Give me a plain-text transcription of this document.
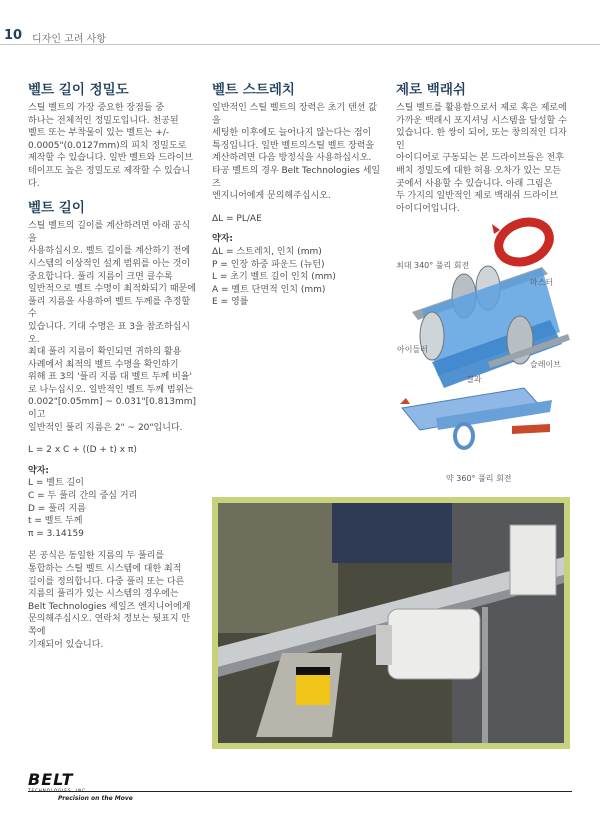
10 디자인 고려 사항
벨트 길이 정밀도

스틸 벨트의 가장 중요한 장점들 중
하나는 전체적인 정밀도입니다. 천공된
벨트 또는 부착물이 있는 벨트는 +/-
0.0005"(0.0127mm)의 피치 정밀도로
제작할 수 있습니다. 일반 벨트와 드라이브
테이프도 높은 정밀도로 제작할 수 있습니다.

벨트 길이

스틸 벨트의 길이를 계산하려면 아래 공식을
사용하십시오. 벨트 길이를 계산하기 전에
시스템의 이상적인 설계 범위를 아는 것이
중요합니다. 풀리 지름이 크면 클수록
일반적으로 벨트 수명이 최적화되기 때문에
풀리 지름을 사용하여 벨트 두께를 추정할 수
있습니다. 기대 수명은 표 3을 참조하십시오.
최대 풀리 지름이 확인되면 귀하의 활용
사례에서 최적의 벨트 수명을 확인하기
위해 표 3의 '풀리 지름 대 벨트 두께 비율'
로 나누십시오. 일반적인 벨트 두께 범위는
0.002"[0.05mm] ~ 0.031"[0.813mm]이고
일반적인 풀리 지름은 2" ~ 20"입니다.

L = 2 x C + ((D + t) x π)

약자:

L = 벨트 길이
C = 두 풀리 간의 중심 거리
D = 풀리 지름
t = 벨트 두께
π = 3.14159

본 공식은 동일한 지름의 두 풀리를
통합하는 스틸 벨트 시스템에 대한 최적
길이를 정의합니다. 다중 풀리 또는 다른
지름의 풀리가 있는 시스템의 경우에는
Belt Technologies 세일즈 엔지니어에게
문의해주십시오. 연락처 정보는 뒷표지 안쪽에
기재되어 있습니다.

벨트 스트레치

일반적인 스틸 벨트의 장력은 초기 텐션 값을
세팅한 이후에도 늘어나지 않는다는 점이
특징입니다. 일반 벨트의스틸 벨트 장력을
계산하려면 다음 방정식을 사용하십시오.
타공 벨트의 경우 Belt Technologies 세일즈
엔지니어에게 문의해주십시오.

ΔL = PL/AE

약자:

ΔL = 스트레치, 인치 (mm)
P = 인장 하중 파운드 (뉴턴)
L = 초기 벨트 길이 인치 (mm)
A = 벨트 단면적 인치 (mm)
E = 영률

제로 백래쉬

스틸 벨트를 활용함으로서 제로 혹은 제로에
가까운 백래시 포지셔닝 시스템을 달성할 수
있습니다. 한 쌍이 되어, 또는 창의적인 디자인
아이디어로 구동되는 본 드라이브들은 전후
배치 정밀도에 대한 허용 오차가 있는 모든
곳에서 사용할 수 있습니다. 아래 그림은
두 가지의 일반적인 제로 백래쉬 드라이브
아이디어입니다.

최대 340° 풀리 회전
마스터
아이들러
슬레이브
결과
약 360° 풀리 회전
BELT
Precision on the Move
